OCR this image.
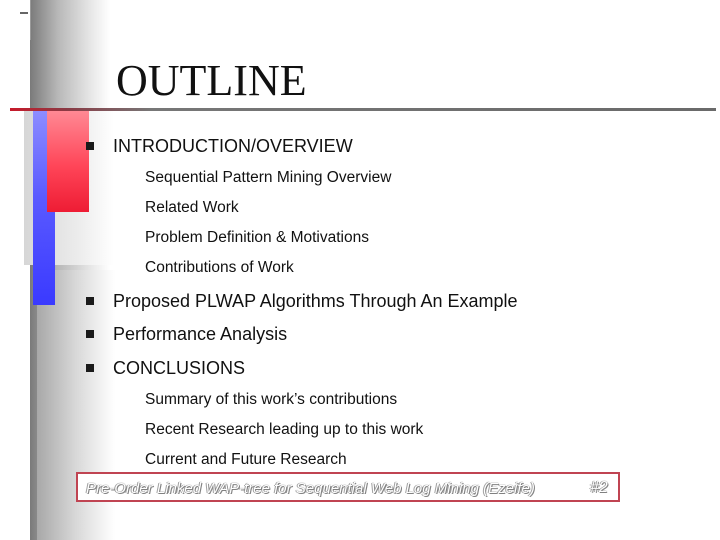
OUTLINE
INTRODUCTION/OVERVIEW
Sequential Pattern Mining Overview
Related Work
Problem Definition & Motivations
Contributions of Work
Proposed PLWAP Algorithms Through An Example
Performance Analysis
CONCLUSIONS
Summary of this work’s contributions
Recent Research leading up to this work
Current and Future Research
Pre-Order Linked WAP-tree for Sequential Web Log Mining (Ezeife)	#2
